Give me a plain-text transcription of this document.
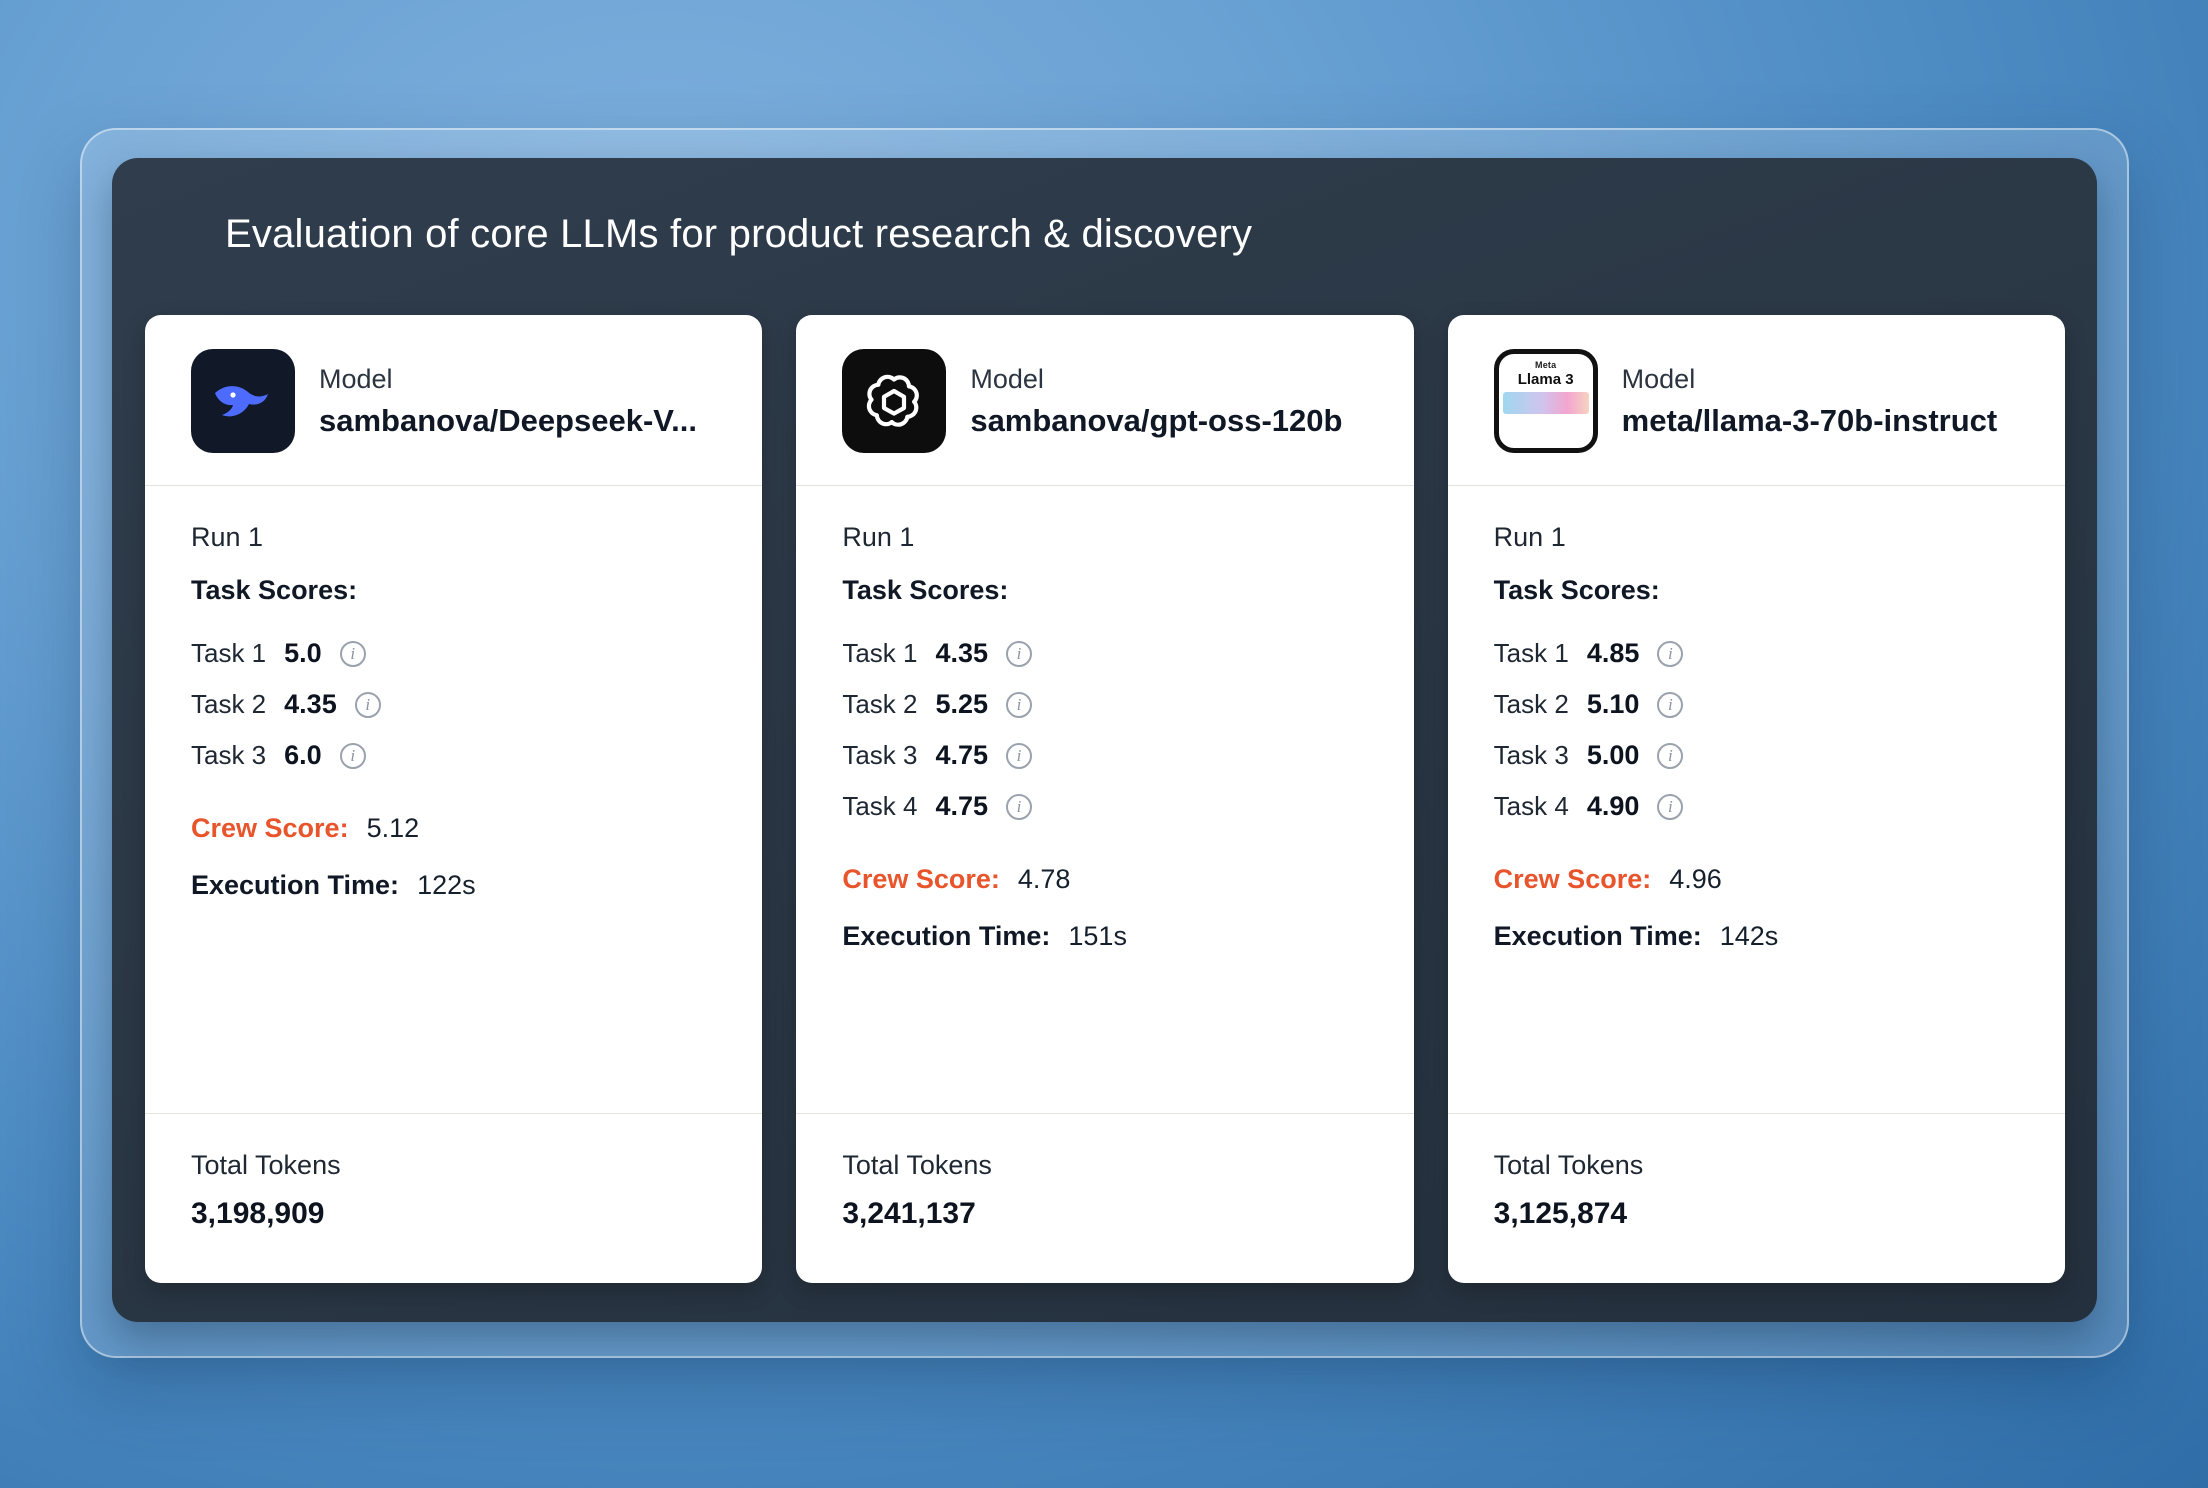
Evaluation of core LLMs for product research & discovery
Model
sambanova/Deepseek-V...
Run 1
Task Scores:
Task 1 5.0	i
Task 2 4.35	i
Task 3 6.0	i
Crew Score: 5.12
Execution Time: 122s
Total Tokens
3,198,909
Model
sambanova/gpt-oss-120b
Run 1
Task Scores:
Task 1 4.35	i
Task 2 5.25	i
Task 3 4.75	i
Task 4 4.75	i
Crew Score: 4.78
Execution Time: 151s
Total Tokens
3,241,137
Meta
Llama 3 Model
meta/llama-3-70b-instruct
Run 1
Task Scores:
Task 1 4.85	i
Task 2 5.10	i
Task 3 5.00	i
Task 4 4.90	i
Crew Score: 4.96
Execution Time: 142s
Total Tokens
3,125,874
